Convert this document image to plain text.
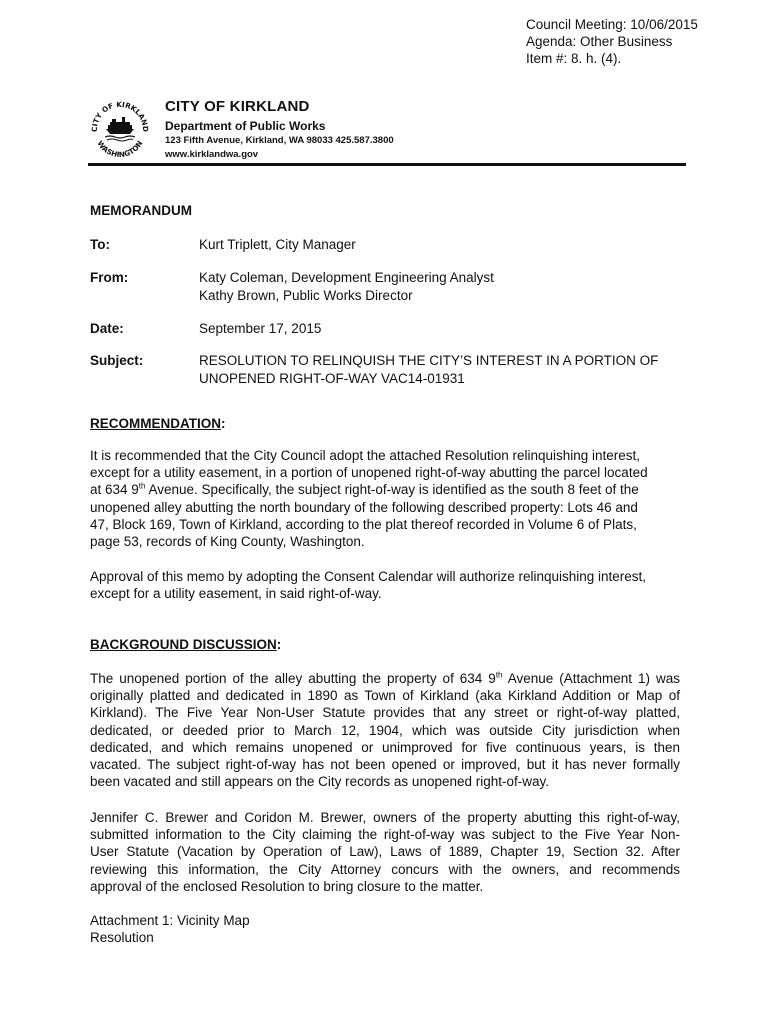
Council Meeting: 10/06/2015
Agenda: Other Business
Item #: 8. h. (4).
CITY OF KIRKLAND
WASHINGTON
CITY OF KIRKLAND
Department of Public Works
123 Fifth Avenue, Kirkland, WA 98033 425.587.3800
www.kirklandwa.gov
MEMORANDUM
To:	Kurt Triplett, City Manager
From:	Katy Coleman, Development Engineering Analyst
Kathy Brown, Public Works Director
Date:	September 17, 2015
Subject:	RESOLUTION TO RELINQUISH THE CITY’S INTEREST IN A PORTION OF
UNOPENED RIGHT-OF-WAY VAC14-01931
RECOMMENDATION:
It is recommended that the City Council adopt the attached Resolution relinquishing interest,
except for a utility easement, in a portion of unopened right-of-way abutting the parcel located
at 634 9th Avenue. Specifically, the subject right-of-way is identified as the south 8 feet of the
unopened alley abutting the north boundary of the following described property: Lots 46 and
47, Block 169, Town of Kirkland, according to the plat thereof recorded in Volume 6 of Plats,
page 53, records of King County, Washington.
Approval of this memo by adopting the Consent Calendar will authorize relinquishing interest,
except for a utility easement, in said right-of-way.
BACKGROUND DISCUSSION:
The unopened portion of the alley abutting the property of 634 9th Avenue (Attachment 1) was
originally platted and dedicated in 1890 as Town of Kirkland (aka Kirkland Addition or Map of
Kirkland). The Five Year Non-User Statute provides that any street or right-of-way platted,
dedicated, or deeded prior to March 12, 1904, which was outside City jurisdiction when
dedicated, and which remains unopened or unimproved for five continuous years, is then
vacated. The subject right-of-way has not been opened or improved, but it has never formally
been vacated and still appears on the City records as unopened right-of-way.
Jennifer C. Brewer and Coridon M. Brewer, owners of the property abutting this right-of-way,
submitted information to the City claiming the right-of-way was subject to the Five Year Non-
User Statute (Vacation by Operation of Law), Laws of 1889, Chapter 19, Section 32. After
reviewing this information, the City Attorney concurs with the owners, and recommends
approval of the enclosed Resolution to bring closure to the matter.
Attachment 1: Vicinity Map
Resolution
